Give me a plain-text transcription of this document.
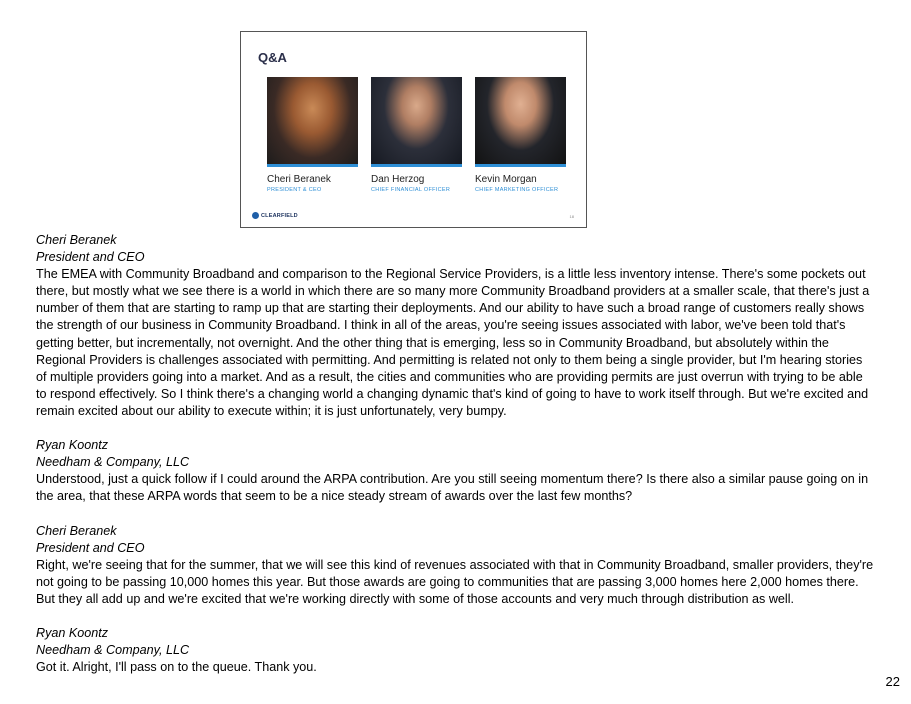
Q&A
Cheri Beranek
PRESIDENT & CEO
Dan Herzog
CHIEF FINANCIAL OFFICER
Kevin Morgan
CHIEF MARKETING OFFICER
CLEARFIELD	18
Cheri Beranek
President and CEO
The EMEA with Community Broadband and comparison to the Regional Service Providers, is a little less inventory intense. There's some pockets out there, but mostly what we see there is a world in which there are so many more Community Broadband providers at a smaller scale, that there's just a number of them that are starting to ramp up that are starting their deployments. And our ability to have such a broad range of customers really shows the strength of our business in Community Broadband. I think in all of the areas, you're seeing issues associated with labor, we've been told that's getting better, but incrementally, not overnight. And the other thing that is emerging, less so in Community Broadband, but absolutely within the Regional Providers is challenges associated with permitting. And permitting is related not only to them being a single provider, but I'm hearing stories of multiple providers going into a market. And as a result, the cities and communities who are providing permits are just overrun with trying to be able to respond effectively. So I think there's a changing world a changing dynamic that's kind of going to have to work itself through. But we're excited and remain excited about our ability to execute within; it is just unfortunately, very bumpy.
Ryan Koontz
Needham & Company, LLC
Understood, just a quick follow if I could around the ARPA contribution. Are you still seeing momentum there? Is there also a similar pause going on in the area, that these ARPA words that seem to be a nice steady stream of awards over the last few months?
Cheri Beranek
President and CEO
Right, we're seeing that for the summer, that we will see this kind of revenues associated with that in Community Broadband, smaller providers, they're not going to be passing 10,000 homes this year. But those awards are going to communities that are passing 3,000 homes here 2,000 homes there. But they all add up and we're excited that we're working directly with some of those accounts and very much through distribution as well.
Ryan Koontz
Needham & Company, LLC
Got it. Alright, I'll pass on to the queue. Thank you.
22
